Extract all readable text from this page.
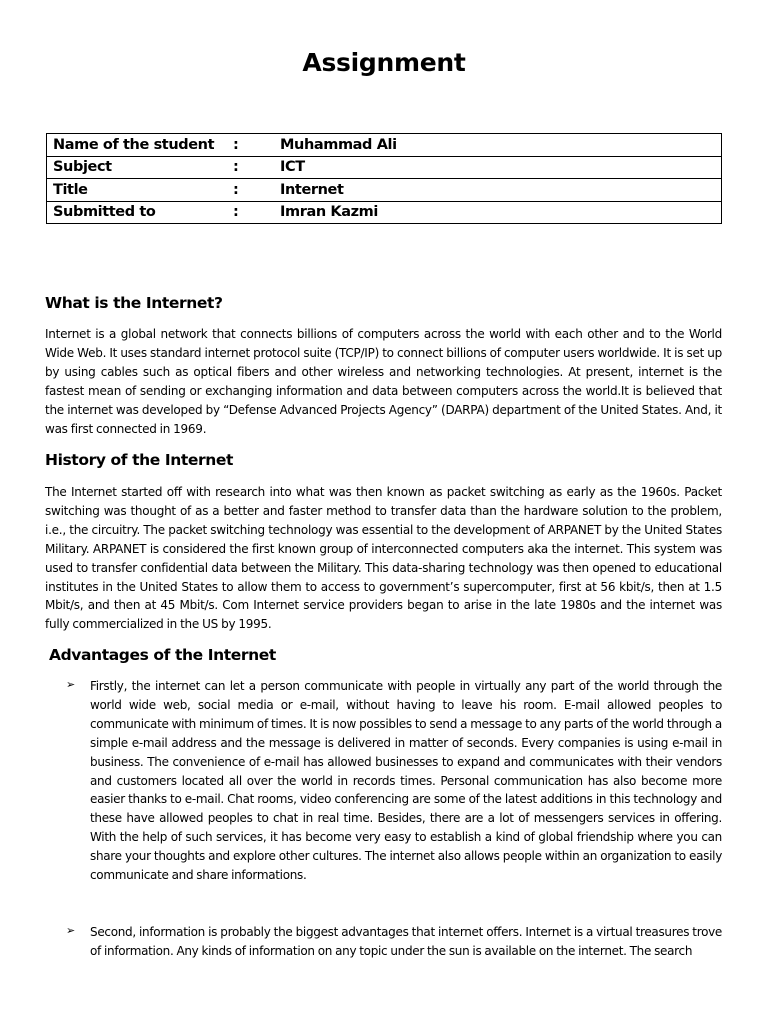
Assignment
Name of the student	:	Muhammad Ali
Subject	:	ICT
Title	:	Internet
Submitted to	:	Imran Kazmi
What is the Internet?

Internet is a global network that connects billions of computers across the world with each other and to the World Wide Web. It uses standard internet protocol suite (TCP/IP) to connect billions of computer users worldwide. It is set up by using cables such as optical fibers and other wireless and networking technologies. At present, internet is the fastest mean of sending or exchanging information and data between computers across the world.It is believed that the internet was developed by “Defense Advanced Projects Agency” (DARPA) department of the United States. And, it was first connected in 1969.

History of the Internet

The Internet started off with research into what was then known as packet switching as early as the 1960s. Packet switching was thought of as a better and faster method to transfer data than the hardware solution to the problem, i.e., the circuitry. The packet switching technology was essential to the development of ARPANET by the United States Military. ARPANET is considered the first known group of interconnected computers aka the internet. This system was used to transfer confidential data between the Military. This data-sharing technology was then opened to educational institutes in the United States to allow them to access to government’s supercomputer, first at 56 kbit/s, then at 1.5 Mbit/s, and then at 45 Mbit/s. Com Internet service providers began to arise in the late 1980s and the internet was fully commercialized in the US by 1995.

Advantages of the Internet
➢ Firstly, the internet can let a person communicate with people in virtually any part of the world through the world wide web, social media or e-mail, without having to leave his room. E-mail allowed peoples to communicate with minimum of times. It is now possibles to send a message to any parts of the world through a simple e-mail address and the message is delivered in matter of seconds. Every companies is using e-mail in business. The convenience of e-mail has allowed businesses to expand and communicates with their vendors and customers located all over the world in records times. Personal communication has also become more easier thanks to e-mail. Chat rooms, video conferencing are some of the latest additions in this technology and these have allowed peoples to chat in real time. Besides, there are a lot of messengers services in offering. With the help of such services, it has become very easy to establish a kind of global friendship where you can share your thoughts and explore other cultures. The internet also allows people within an organization to easily communicate and share informations.

➢ Second, information is probably the biggest advantages that internet offers. Internet is a virtual treasures trove of information. Any kinds of information on any topic under the sun is available on the internet. The search
